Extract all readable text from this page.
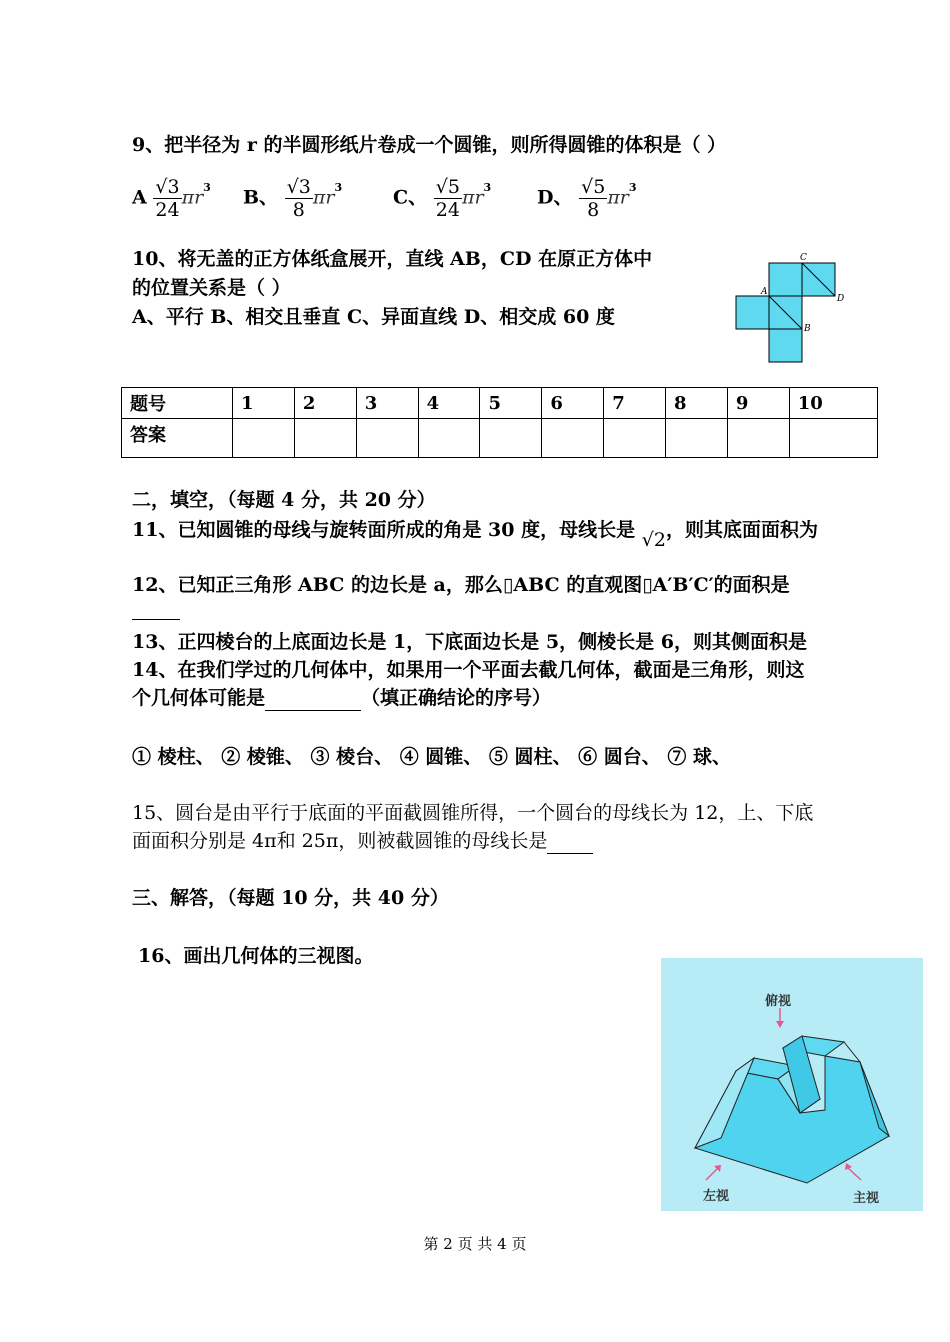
9、把半径为 r 的半圆形纸片卷成一个圆锥，则所得圆锥的体积是（ ）
A $\frac{√3}{24} \pi r^3$ B、 $\frac{√3}{8} \pi r^3$	C、 $\frac{√5}{24} \pi r^3$ D、 $\frac{√5}{8} \pi r^3$
10、将无盖的正方体纸盒展开，直线 AB，CD 在原正方体中
的位置关系是（ ）
A、平行 B、相交且垂直 C、异面直线 D、相交成 60 度
C
A
D
B
题号	1	2	3	4	5	6	7	8	9	10
答案										
二，填空，（每题 4 分，共 20 分）
11、已知圆锥的母线与旋转面所成的角是 30 度，母线长是 √2，则其底面面积为
12、已知正三角形 ABC 的边长是 a，那么▯ABC 的直观图▯A′B′C′的面积是
13、正四棱台的上底面边长是 1，下底面边长是 5，侧棱长是 6，则其侧面积是
14、在我们学过的几何体中，如果用一个平面去截几何体，截面是三角形，则这
个几何体可能是	（填正确结论的序号）
① 棱柱、 ② 棱锥、 ③ 棱台、 ④ 圆锥、 ⑤ 圆柱、 ⑥ 圆台、 ⑦ 球、
15、圆台是由平行于底面的平面截圆锥所得，一个圆台的母线长为 12，上、下底
面面积分别是 4π和 25π，则被截圆锥的母线长是
三、解答，（每题 10 分，共 40 分）
16、画出几何体的三视图。
俯视
左视	主视
第 2 页 共 4 页
